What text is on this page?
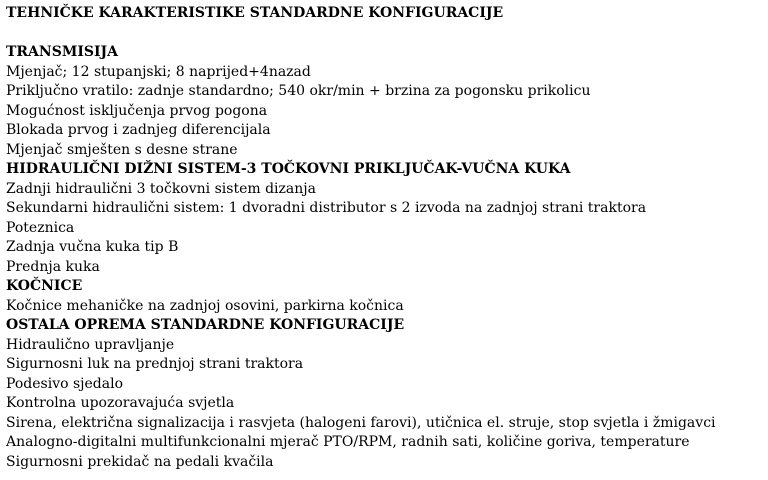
TEHNIČKE KARAKTERISTIKE STANDARDNE KONFIGURACIJE
TRANSMISIJA
Mjenjač; 12 stupanjski; 8 naprijed+4nazad
Priključno vratilo: zadnje standardno; 540 okr/min + brzina za pogonsku prikolicu
Mogućnost isključenja prvog pogona
Blokada prvog i zadnjeg diferencijala
Mjenjač smješten s desne strane
HIDRAULIČNI DIŽNI SISTEM-3 TOČKOVNI PRIKLJUČAK-VUČNA KUKA
Zadnji hidraulični 3 točkovni sistem dizanja
Sekundarni hidraulični sistem: 1 dvoradni distributor s 2 izvoda na zadnjoj strani traktora
Poteznica
Zadnja vučna kuka tip B
Prednja kuka
KOČNICE
Kočnice mehaničke na zadnjoj osovini, parkirna kočnica
OSTALA OPREMA STANDARDNE KONFIGURACIJE
Hidraulično upravljanje
Sigurnosni luk na prednjoj strani traktora
Podesivo sjedalo
Kontrolna upozoravajuća svjetla
Sirena, električna signalizacija i rasvjeta (halogeni farovi), utičnica el. struje, stop svjetla i žmigavci
Analogno-digitalni multifunkcionalni mjerač PTO/RPM, radnih sati, količine goriva, temperature
Sigurnosni prekidač na pedali kvačila
